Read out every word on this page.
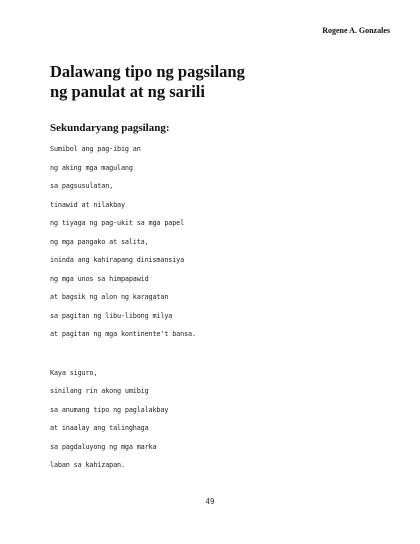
Rogene A. Gonzales
Dalawang tipo ng pagsilang
ng panulat at ng sarili
Sekundaryang pagsilang:
Sumibol ang pag-ibig an
ng aking mga magulang
sa pagsusulatan,
tinawid at nilakbay
ng tiyaga ng pag-ukit sa mga papel
ng mga pangako at salita,
ininda ang kahirapang dinismansiya
ng mga unos sa himpapawid
at bagsik ng alon ng karagatan
sa pagitan ng libu-libong milya
at pagitan ng mga kontinente't bansa.
Kaya siguro,
sinilang rin akong umibig
sa anumang tipo ng paglalakbay
at inaalay ang talinghaga
sa pagdaluyong ng mga marka
laban sa kahizapan.
49
